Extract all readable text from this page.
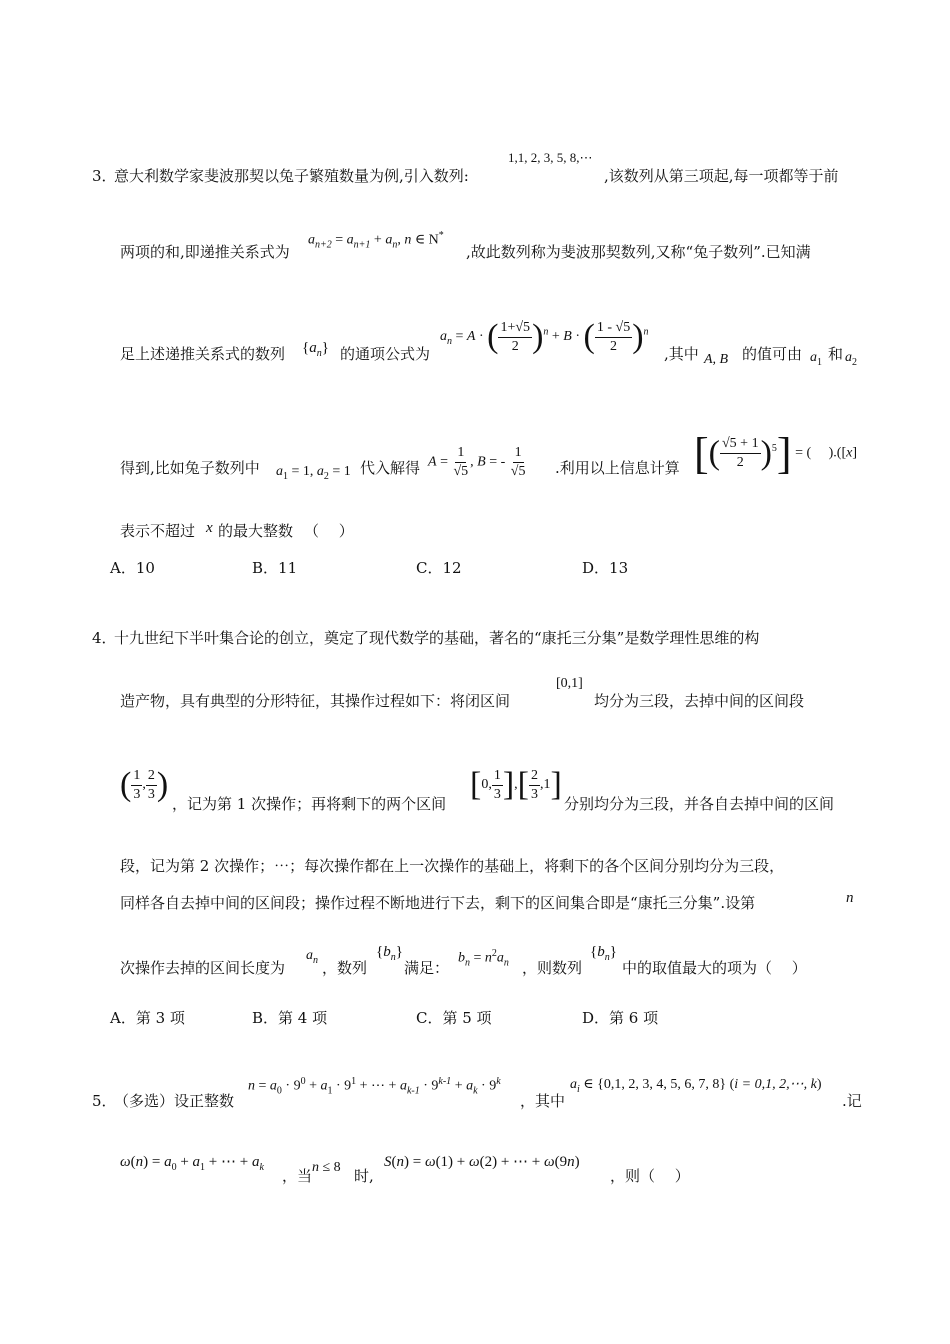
1,1, 2, 3, 5, 8,⋯
3．
意大利数学家斐波那契以兔子繁殖数量为例,引入数列:	,该数列从第三项起,每一项都等于前
两项的和,即递推关系式为
$a_{n+2} = a_{n+1} + a_n$, n ∈ N*
,故此数列称为斐波那契数列,又称“兔子数列”.已知满
足上述递推关系式的数列 $\{a_n\}$ 的通项公式为
$a_n = A$ · ( $\frac{1+√5}{2} )^n + B$ · ( $\frac{1 - √5}{2} )^n$
,其中 A, B 的值可由 $a_1$ 和 $a_2$
得到,比如兔子数列中 $a_1 = 1$, $a_2 = 1$ 代入解得 $A = \frac{1}{√5}$ , B = - $\frac{1}{√5}$ .利用以上信息计算 [( $\frac{√5 + 1}{2} )^5$] = (　 ).([x]
表示不超过 x 的最大整数 （　 ）
A．10	B．11	C．12	D．13
4．
十九世纪下半叶集合论的创立，奠定了现代数学的基础，著名的“康托三分集”是数学理性思维的构
造产物，具有典型的分形特征，其操作过程如下：将闭区间
[0,1]
均分为三段，去掉中间的区间段
( $\frac{1}{3}$ , $\frac{2}{3}$ )
，记为第 1 次操作；再将剩下的两个区间
[0, $\frac{1}{3}$ ],[ $\frac{2}{3} ,1$]
分别均分为三段，并各自去掉中间的区间
段，记为第 2 次操作；⋯；每次操作都在上一次操作的基础上，将剩下的各个区间分别均分为三段，
同样各自去掉中间的区间段；操作过程不断地进行下去，剩下的区间集合即是“康托三分集”.设第	n
次操作去掉的区间长度为
$a_n$ ，数列
$\{b_n\}$
满足：
$b_n = n^2a_n$ ，则数列
$\{b_n\}$
中的取值最大的项为（　 ）
A．第 3 项	B．第 4 项	C．第 5 项	D．第 6 项
5．
（多选）设正整数
$n = a_0 \cdot 9^0 + a_1 \cdot 9^1$ + ⋯ + $a_{k-1} \cdot 9^{k-1} + a_k \cdot 9^k$
，其中
$a_i$ ∈ {0,1, 2, 3, 4, 5, 6, 7, 8} (i = 0,1, 2,⋯, k)
.记
$\omega(n) = a_0 + a_1$ + ⋯ + $a_k$ ，当 n ≤ 8 时,
S(n) = ω(1) + ω(2) + ⋯ + ω(9n)
，则（　 ）
